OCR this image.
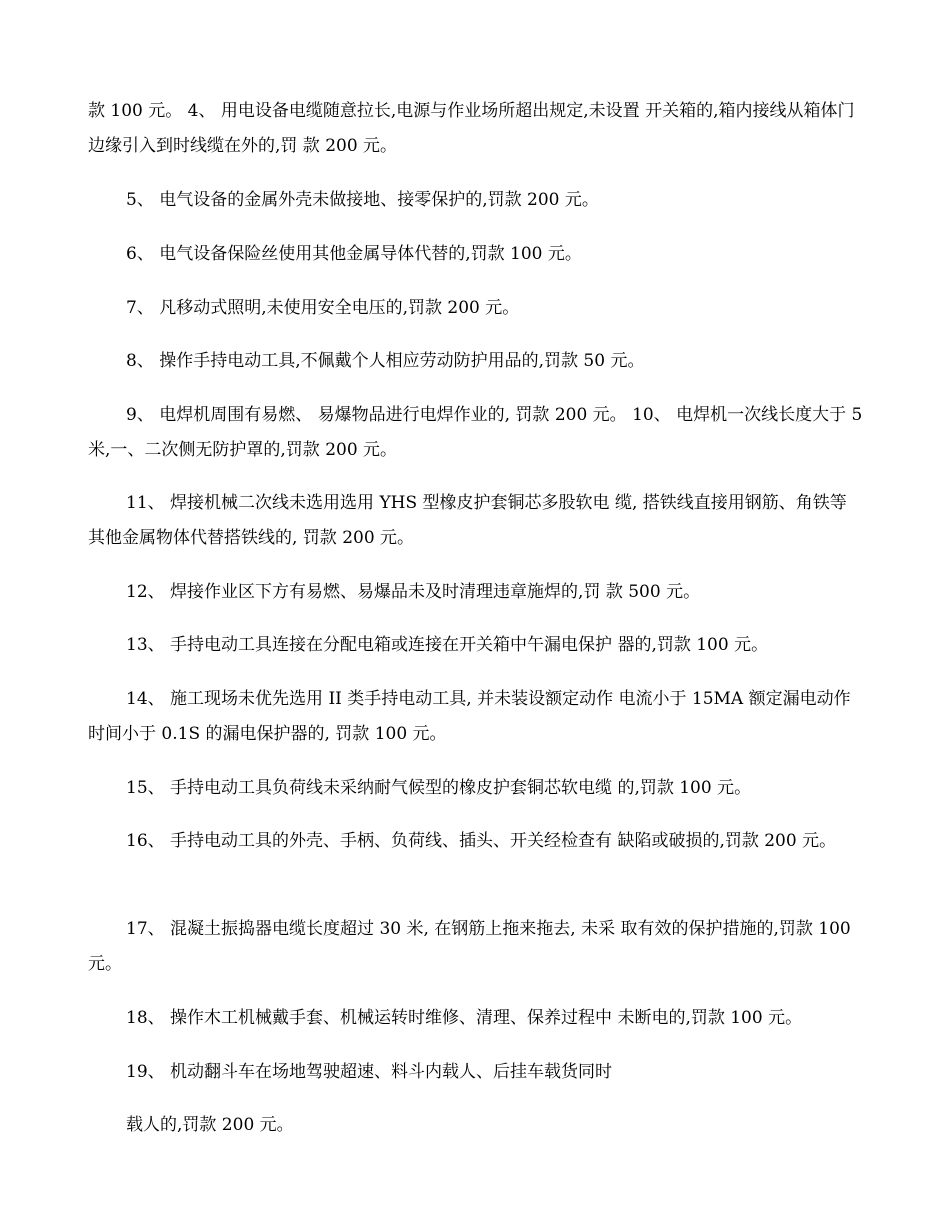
款 100 元。 4、 用电设备电缆随意拉长,电源与作业场所超出规定,未设置 开关箱的,箱内接线从箱体门边缘引入到时线缆在外的,罚 款 200 元。

5、 电气设备的金属外壳未做接地、接零保护的,罚款 200 元。

6、 电气设备保险丝使用其他金属导体代替的,罚款 100 元。

7、 凡移动式照明,未使用安全电压的,罚款 200 元。

8、 操作手持电动工具,不佩戴个人相应劳动防护用品的,罚款 50 元。

9、 电焊机周围有易燃、 易爆物品进行电焊作业的, 罚款 200 元。 10、 电焊机一次线长度大于 5 米,一、二次侧无防护罩的,罚款 200 元。

11、 焊接机械二次线未选用选用 YHS 型橡皮护套铜芯多股软电 缆, 搭铁线直接用钢筋、角铁等其他金属物体代替搭铁线的, 罚款 200 元。

12、 焊接作业区下方有易燃、易爆品未及时清理违章施焊的,罚 款 500 元。

13、 手持电动工具连接在分配电箱或连接在开关箱中午漏电保护 器的,罚款 100 元。

14、 施工现场未优先选用 II 类手持电动工具, 并未装设额定动作 电流小于 15MA 额定漏电动作时间小于 0.1S 的漏电保护器的, 罚款 100 元。

15、 手持电动工具负荷线未采纳耐气候型的橡皮护套铜芯软电缆 的,罚款 100 元。

16、 手持电动工具的外壳、手柄、负荷线、插头、开关经检查有 缺陷或破损的,罚款 200 元。

17、 混凝土振捣器电缆长度超过 30 米, 在钢筋上拖来拖去, 未采 取有效的保护措施的,罚款 100 元。

18、 操作木工机械戴手套、机械运转时维修、清理、保养过程中 未断电的,罚款 100 元。

19、 机动翻斗车在场地驾驶超速、料斗内载人、后挂车载货同时

载人的,罚款 200 元。
